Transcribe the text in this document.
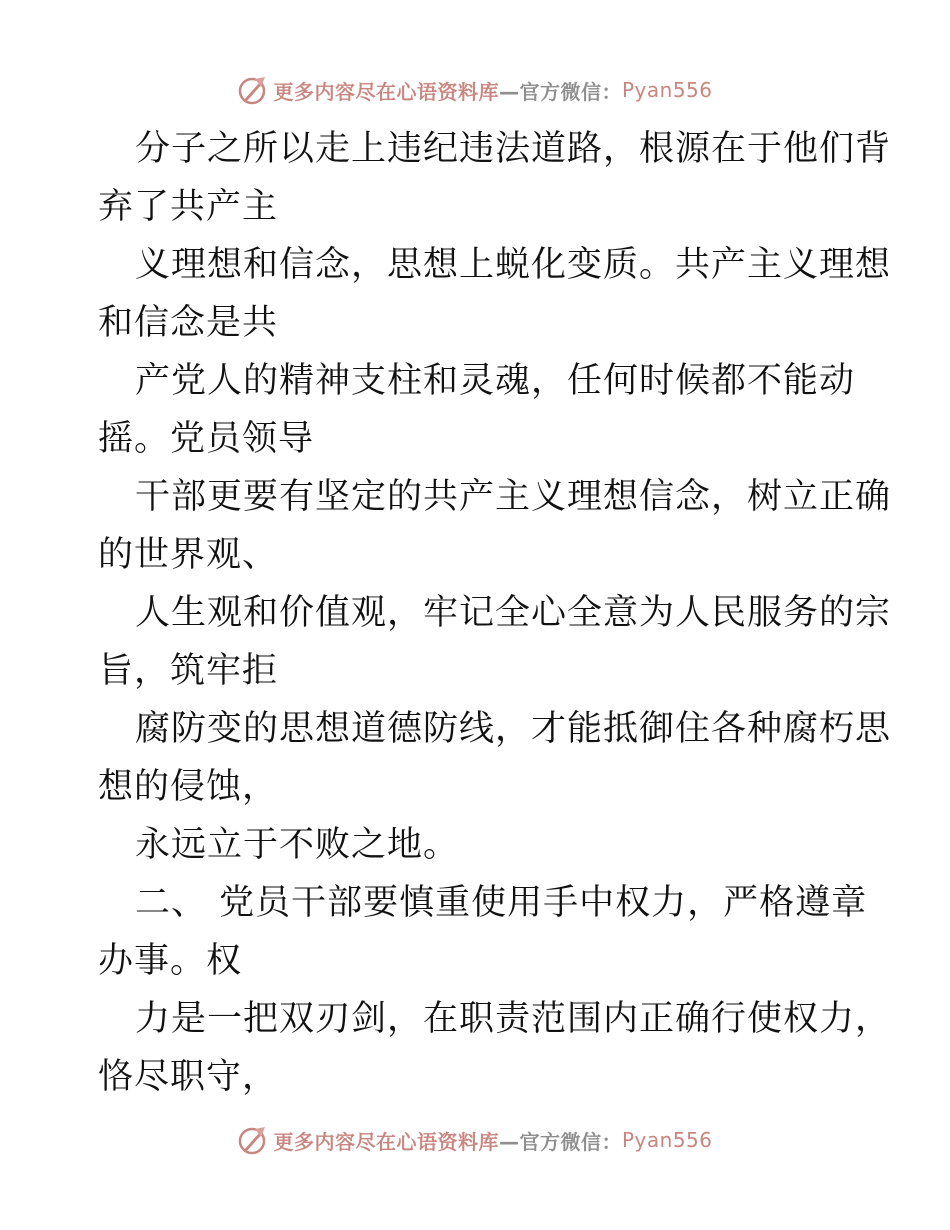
更多内容尽在心语资料库 —官方微信： Pyan556
分子之所以走上违纪违法道路，根源在于他们背
弃了共产主
义理想和信念，思想上蜕化变质。共产主义理想
和信念是共
产党人的精神支柱和灵魂，任何时候都不能动
摇。党员领导
干部更要有坚定的共产主义理想信念，树立正确
的世界观、
人生观和价值观，牢记全心全意为人民服务的宗
旨，筑牢拒
腐防变的思想道德防线，才能抵御住各种腐朽思
想的侵蚀，
永远立于不败之地。
二、 党员干部要慎重使用手中权力，严格遵章
办事。权
力是一把双刃剑，在职责范围内正确行使权力，
恪尽职守，
更多内容尽在心语资料库 —官方微信： Pyan556
